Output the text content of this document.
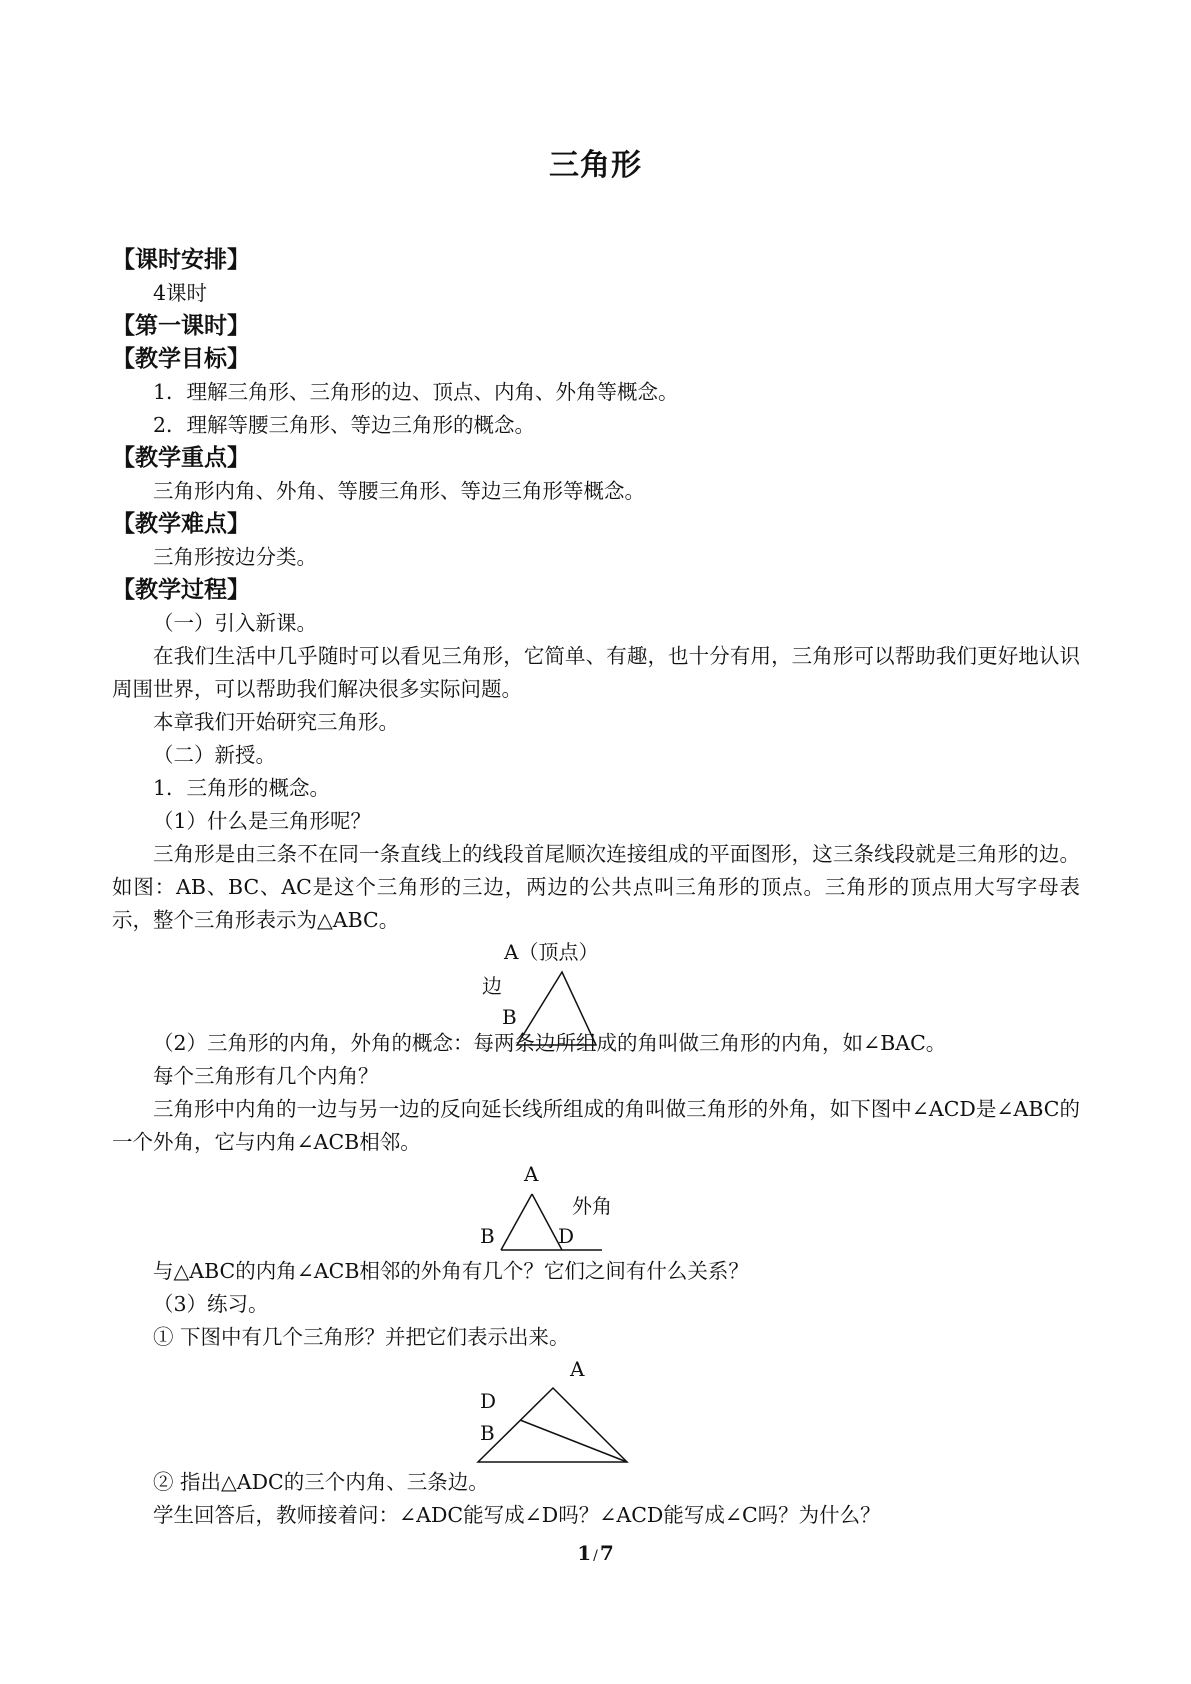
三角形
【课时安排】
4课时
【第一课时】
【教学目标】
1．理解三角形、三角形的边、顶点、内角、外角等概念。
2．理解等腰三角形、等边三角形的概念。
【教学重点】
三角形内角、外角、等腰三角形、等边三角形等概念。
【教学难点】
三角形按边分类。
【教学过程】
（一）引入新课。
在我们生活中几乎随时可以看见三角形，它简单、有趣，也十分有用，三角形可以帮助我们更好地认识周围世界，可以帮助我们解决很多实际问题。
本章我们开始研究三角形。
（二）新授。
1．三角形的概念。
（1）什么是三角形呢？
三角形是由三条不在同一条直线上的线段首尾顺次连接组成的平面图形，这三条线段就是三角形的边。如图：AB、BC、AC是这个三角形的三边，两边的公共点叫三角形的顶点。三角形的顶点用大写字母表示，整个三角形表示为△ABC。
A（顶点）
边
B
（2）三角形的内角，外角的概念：每两条边所组成的角叫做三角形的内角，如∠BAC。
每个三角形有几个内角？
三角形中内角的一边与另一边的反向延长线所组成的角叫做三角形的外角，如下图中∠ACD是∠ABC的一个外角，它与内角∠ACB相邻。
A
外角
B	D
与△ABC的内角∠ACB相邻的外角有几个？它们之间有什么关系？
（3）练习。
① 下图中有几个三角形？并把它们表示出来。
A
D
B
② 指出△ADC的三个内角、三条边。
学生回答后，教师接着问：∠ADC能写成∠D吗？∠ACD能写成∠C吗？为什么？
1 / 7
